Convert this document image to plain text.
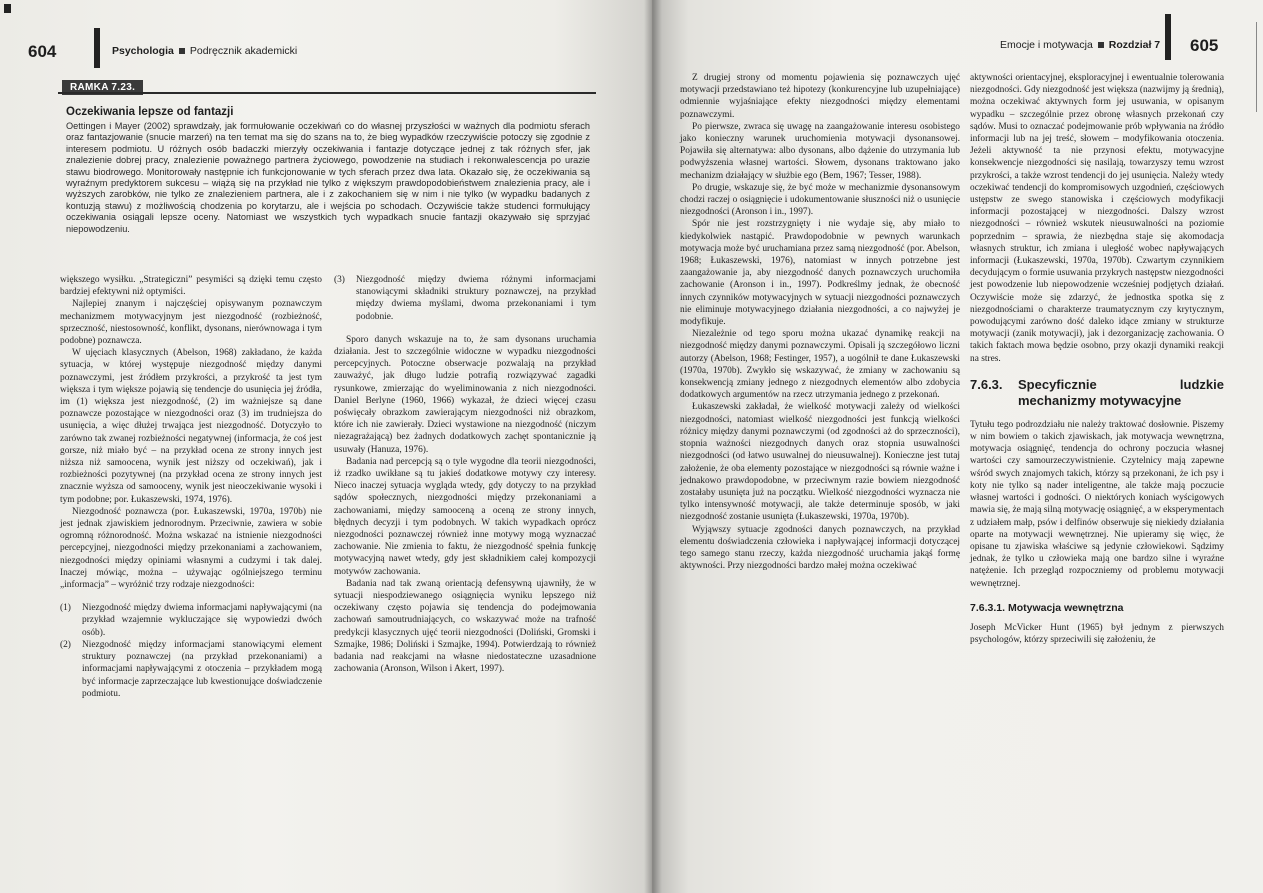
604	Psychologia Podręcznik akademicki
RAMKA 7.23.
Oczekiwania lepsze od fantazji
Oettingen i Mayer (2002) sprawdzały, jak formułowanie oczekiwań co do własnej przyszłości w ważnych dla podmiotu sferach oraz fantazjowanie (snucie marzeń) na ten temat ma się do szans na to, że bieg wypadków rzeczywiście potoczy się zgodnie z interesem podmiotu. U różnych osób badaczki mierzyły oczekiwania i fantazje dotyczące jednej z tak różnych sfer, jak znalezienie dobrej pracy, znalezienie poważnego partnera życiowego, powodzenie na studiach i rekonwalescencja po urazie stawu biodrowego. Monitorowały następnie ich funkcjonowanie w tych sferach przez dwa lata. Okazało się, że oczekiwania są wyraźnym predyktorem sukcesu – wiążą się na przykład nie tylko z większym prawdopodobieństwem znalezienia pracy, ale i wyższych zarobków, nie tylko ze znalezieniem partnera, ale i z zakochaniem się w nim i nie tylko (w wypadku badanych z kontuzją stawu) z możliwością chodzenia po korytarzu, ale i wejścia po schodach. Oczywiście także studenci formułujący oczekiwania osiągali lepsze oceny. Natomiast we wszystkich tych wypadkach snucie fantazji okazywało się sprzyjać niepowodzeniu.

większego wysiłku. „Strategiczni” pesymiści są dzięki temu często bardziej efektywni niż optymiści.

Najlepiej znanym i najczęściej opisywanym poznawczym mechanizmem motywacyjnym jest niezgodność (rozbieżność, sprzeczność, niestosowność, konflikt, dysonans, nierównowaga i tym podobne) poznawcza.

W ujęciach klasycznych (Abelson, 1968) zakładano, że każda sytuacja, w której występuje niezgodność między danymi poznawczymi, jest źródłem przykrości, a przykrość ta jest tym większa i tym większe pojawią się tendencje do usunięcia jej źródła, im (1) większa jest niezgodność, (2) im ważniejsze są dane poznawcze pozostające w niezgodności oraz (3) im trudniejsza do usunięcia, a więc dłużej trwająca jest niezgodność. Dotyczyło to zarówno tak zwanej rozbieżności negatywnej (informacja, że coś jest gorsze, niż miało być – na przykład ocena ze strony innych jest niższa niż samoocena, wynik jest niższy od oczekiwań), jak i rozbieżności pozytywnej (na przykład ocena ze strony innych jest znacznie wyższa od samooceny, wynik jest nieoczekiwanie wysoki i tym podobne; por. Łukaszewski, 1974, 1976).

Niezgodność poznawcza (por. Łukaszewski, 1970a, 1970b) nie jest jednak zjawiskiem jednorodnym. Przeciwnie, zawiera w sobie ogromną różnorodność. Można wskazać na istnienie niezgodności percepcyjnej, niezgodności między przekonaniami a zachowaniem, niezgodności między opiniami własnymi a cudzymi i tak dalej. Inaczej mówiąc, można – używając ogólniejszego terminu „informacja” – wyróżnić trzy rodzaje niezgodności:

(1)	Niezgodność między dwiema informacjami napływającymi (na przykład wzajemnie wykluczające się wypowiedzi dwóch osób).
(2)	Niezgodność między informacjami stanowiącymi element struktury poznawczej (na przykład przekonaniami) a informacjami napływającymi z otoczenia – przykładem mogą być informacje zaprzeczające lub kwestionujące doświadczenie podmiotu.
(3)	Niezgodność między dwiema różnymi informacjami stanowiącymi składniki struktury poznawczej, na przykład między dwiema myślami, dwoma przekonaniami i tym podobnie.

Sporo danych wskazuje na to, że sam dysonans uruchamia działania. Jest to szczególnie widoczne w wypadku niezgodności percepcyjnych. Potoczne obserwacje pozwalają na przykład zauważyć, jak długo ludzie potrafią rozwiązywać zagadki rysunkowe, zmierzając do wyeliminowania z nich niezgodności. Daniel Berlyne (1960, 1966) wykazał, że dzieci więcej czasu poświęcały obrazkom zawierającym niezgodności niż obrazkom, które ich nie zawierały. Dzieci wystawione na niezgodność (niczym niezagrażającą) bez żadnych dodatkowych zachęt spontanicznie ją usuwały (Hanuza, 1976).

Badania nad percepcją są o tyle wygodne dla teorii niezgodności, iż rzadko uwikłane są tu jakieś dodatkowe motywy czy interesy. Nieco inaczej sytuacja wygląda wtedy, gdy dotyczy to na przykład sądów społecznych, niezgodności między przekonaniami a zachowaniami, między samooceną a oceną ze strony innych, błędnych decyzji i tym podobnych. W takich wypadkach oprócz niezgodności poznawczej również inne motywy mogą wyznaczać zachowanie. Nie zmienia to faktu, że niezgodność spełnia funkcję motywacyjną nawet wtedy, gdy jest składnikiem całej kompozycji motywów zachowania.

Badania nad tak zwaną orientacją defensywną ujawniły, że w sytuacji niespodziewanego osiągnięcia wyniku lepszego niż oczekiwany często pojawia się tendencja do podejmowania zachowań samoutrudniających, co wskazywać może na trafność predykcji klasycznych ujęć teorii niezgodności (Doliński, Gromski i Szmajke, 1986; Doliński i Szmajke, 1994). Potwierdzają to również badania nad reakcjami na własne niedostateczne uzasadnione zachowania (Aronson, Wilson i Akert, 1997).

Emocje i motywacja Rozdział 7 605

Z drugiej strony od momentu pojawienia się poznawczych ujęć motywacji przedstawiano też hipotezy (konkurencyjne lub uzupełniające) odmiennie wyjaśniające efekty niezgodności między elementami poznawczymi.

Po pierwsze, zwraca się uwagę na zaangażowanie interesu osobistego jako konieczny warunek uruchomienia motywacji dysonansowej. Pojawiła się alternatywa: albo dysonans, albo dążenie do utrzymania lub podwyższenia własnej wartości. Słowem, dysonans traktowano jako mechanizm działający w służbie ego (Bem, 1967; Tesser, 1988).

Po drugie, wskazuje się, że być może w mechanizmie dysonansowym chodzi raczej o osiągnięcie i udokumentowanie słuszności niż o usunięcie niezgodności (Aronson i in., 1997).

Spór nie jest rozstrzygnięty i nie wydaje się, aby miało to kiedykolwiek nastąpić. Prawdopodobnie w pewnych warunkach motywacja może być uruchamiana przez samą niezgodność (por. Abelson, 1968; Łukaszewski, 1976), natomiast w innych potrzebne jest zaangażowanie ja, aby niezgodność danych poznawczych uruchomiła zachowanie (Aronson i in., 1997). Podkreślmy jednak, że obecność innych czynników motywacyjnych w sytuacji niezgodności poznawczych nie eliminuje motywacyjnego działania niezgodności, a co najwyżej je modyfikuje.

Niezależnie od tego sporu można ukazać dynamikę reakcji na niezgodność między danymi poznawczymi. Opisali ją szczegółowo liczni autorzy (Abelson, 1968; Festinger, 1957), a uogólnił te dane Łukaszewski (1970a, 1970b). Zwykło się wskazywać, że zmiany w zachowaniu są konsekwencją zmiany jednego z niezgodnych elementów albo zdobycia dodatkowych argumentów na rzecz utrzymania jednego z przekonań.

Łukaszewski zakładał, że wielkość motywacji zależy od wielkości niezgodności, natomiast wielkość niezgodności jest funkcją wielkości różnicy między danymi poznawczymi (od zgodności aż do sprzeczności), stopnia ważności niezgodnych danych oraz stopnia usuwalności niezgodności (od łatwo usuwalnej do nieusuwalnej). Konieczne jest tutaj założenie, że oba elementy pozostające w niezgodności są równie ważne i jednakowo prawdopodobne, w przeciwnym razie bowiem niezgodność zostałaby usunięta już na początku. Wielkość niezgodności wyznacza nie tylko intensywność motywacji, ale także determinuje sposób, w jaki niezgodność zostanie usunięta (Łukaszewski, 1970a, 1970b).

Wyjąwszy sytuacje zgodności danych poznawczych, na przykład elementu doświadczenia człowieka i napływającej informacji dotyczącej tego samego stanu rzeczy, każda niezgodność uruchamia jakąś formę aktywności. Przy niezgodności bardzo małej można oczekiwać

aktywności orientacyjnej, eksploracyjnej i ewentualnie tolerowania niezgodności. Gdy niezgodność jest większa (nazwijmy ją średnią), można oczekiwać aktywnych form jej usuwania, w opisanym wypadku – szczególnie przez obronę własnych przekonań czy sądów. Musi to oznaczać podejmowanie prób wpływania na źródło informacji lub na jej treść, słowem – modyfikowania otoczenia. Jeżeli aktywność ta nie przynosi efektu, motywacyjne konsekwencje niezgodności się nasilają, towarzyszy temu wzrost przykrości, a także wzrost tendencji do jej usunięcia. Należy wtedy oczekiwać tendencji do kompromisowych uzgodnień, częściowych ustępstw ze swego stanowiska i częściowych modyfikacji informacji pozostającej w niezgodności. Dalszy wzrost niezgodności – również wskutek nieusuwalności na poziomie poprzednim – sprawia, że niezbędna staje się akomodacja własnych struktur, ich zmiana i uległość wobec napływających informacji (Łukaszewski, 1970a, 1970b). Czwartym czynnikiem decydującym o formie usuwania przykrych następstw niezgodności jest powodzenie lub niepowodzenie wcześniej podjętych działań. Oczywiście może się zdarzyć, że jednostka spotka się z niezgodnościami o charakterze traumatycznym czy krytycznym, powodującymi zarówno dość daleko idące zmiany w strukturze motywacji (zanik motywacji), jak i dezorganizację zachowania. O takich faktach mowa będzie osobno, przy okazji dynamiki reakcji na stres.

7.6.3.	Specyficznie ludzkie mechanizmy motywacyjne

Tytułu tego podrozdziału nie należy traktować dosłownie. Piszemy w nim bowiem o takich zjawiskach, jak motywacja wewnętrzna, motywacja osiągnięć, tendencja do ochrony poczucia własnej wartości czy samourzeczywistnienie. Czytelnicy mają zapewne wśród swych znajomych takich, którzy są przekonani, że ich psy i koty nie tylko są nader inteligentne, ale także mają poczucie własnej wartości i godności. O niektórych koniach wyścigowych mawia się, że mają silną motywację osiągnięć, a w eksperymentach z udziałem małp, psów i delfinów obserwuje się niekiedy działania oparte na motywacji wewnętrznej. Nie upieramy się więc, że opisane tu zjawiska właściwe są jedynie człowiekowi. Sądzimy jednak, że tylko u człowieka mają one bardzo silne i wyraźne natężenie. Ich przegląd rozpoczniemy od problemu motywacji wewnętrznej.

7.6.3.1. Motywacja wewnętrzna

Joseph McVicker Hunt (1965) był jednym z pierwszych psychologów, którzy sprzeciwili się założeniu, że
